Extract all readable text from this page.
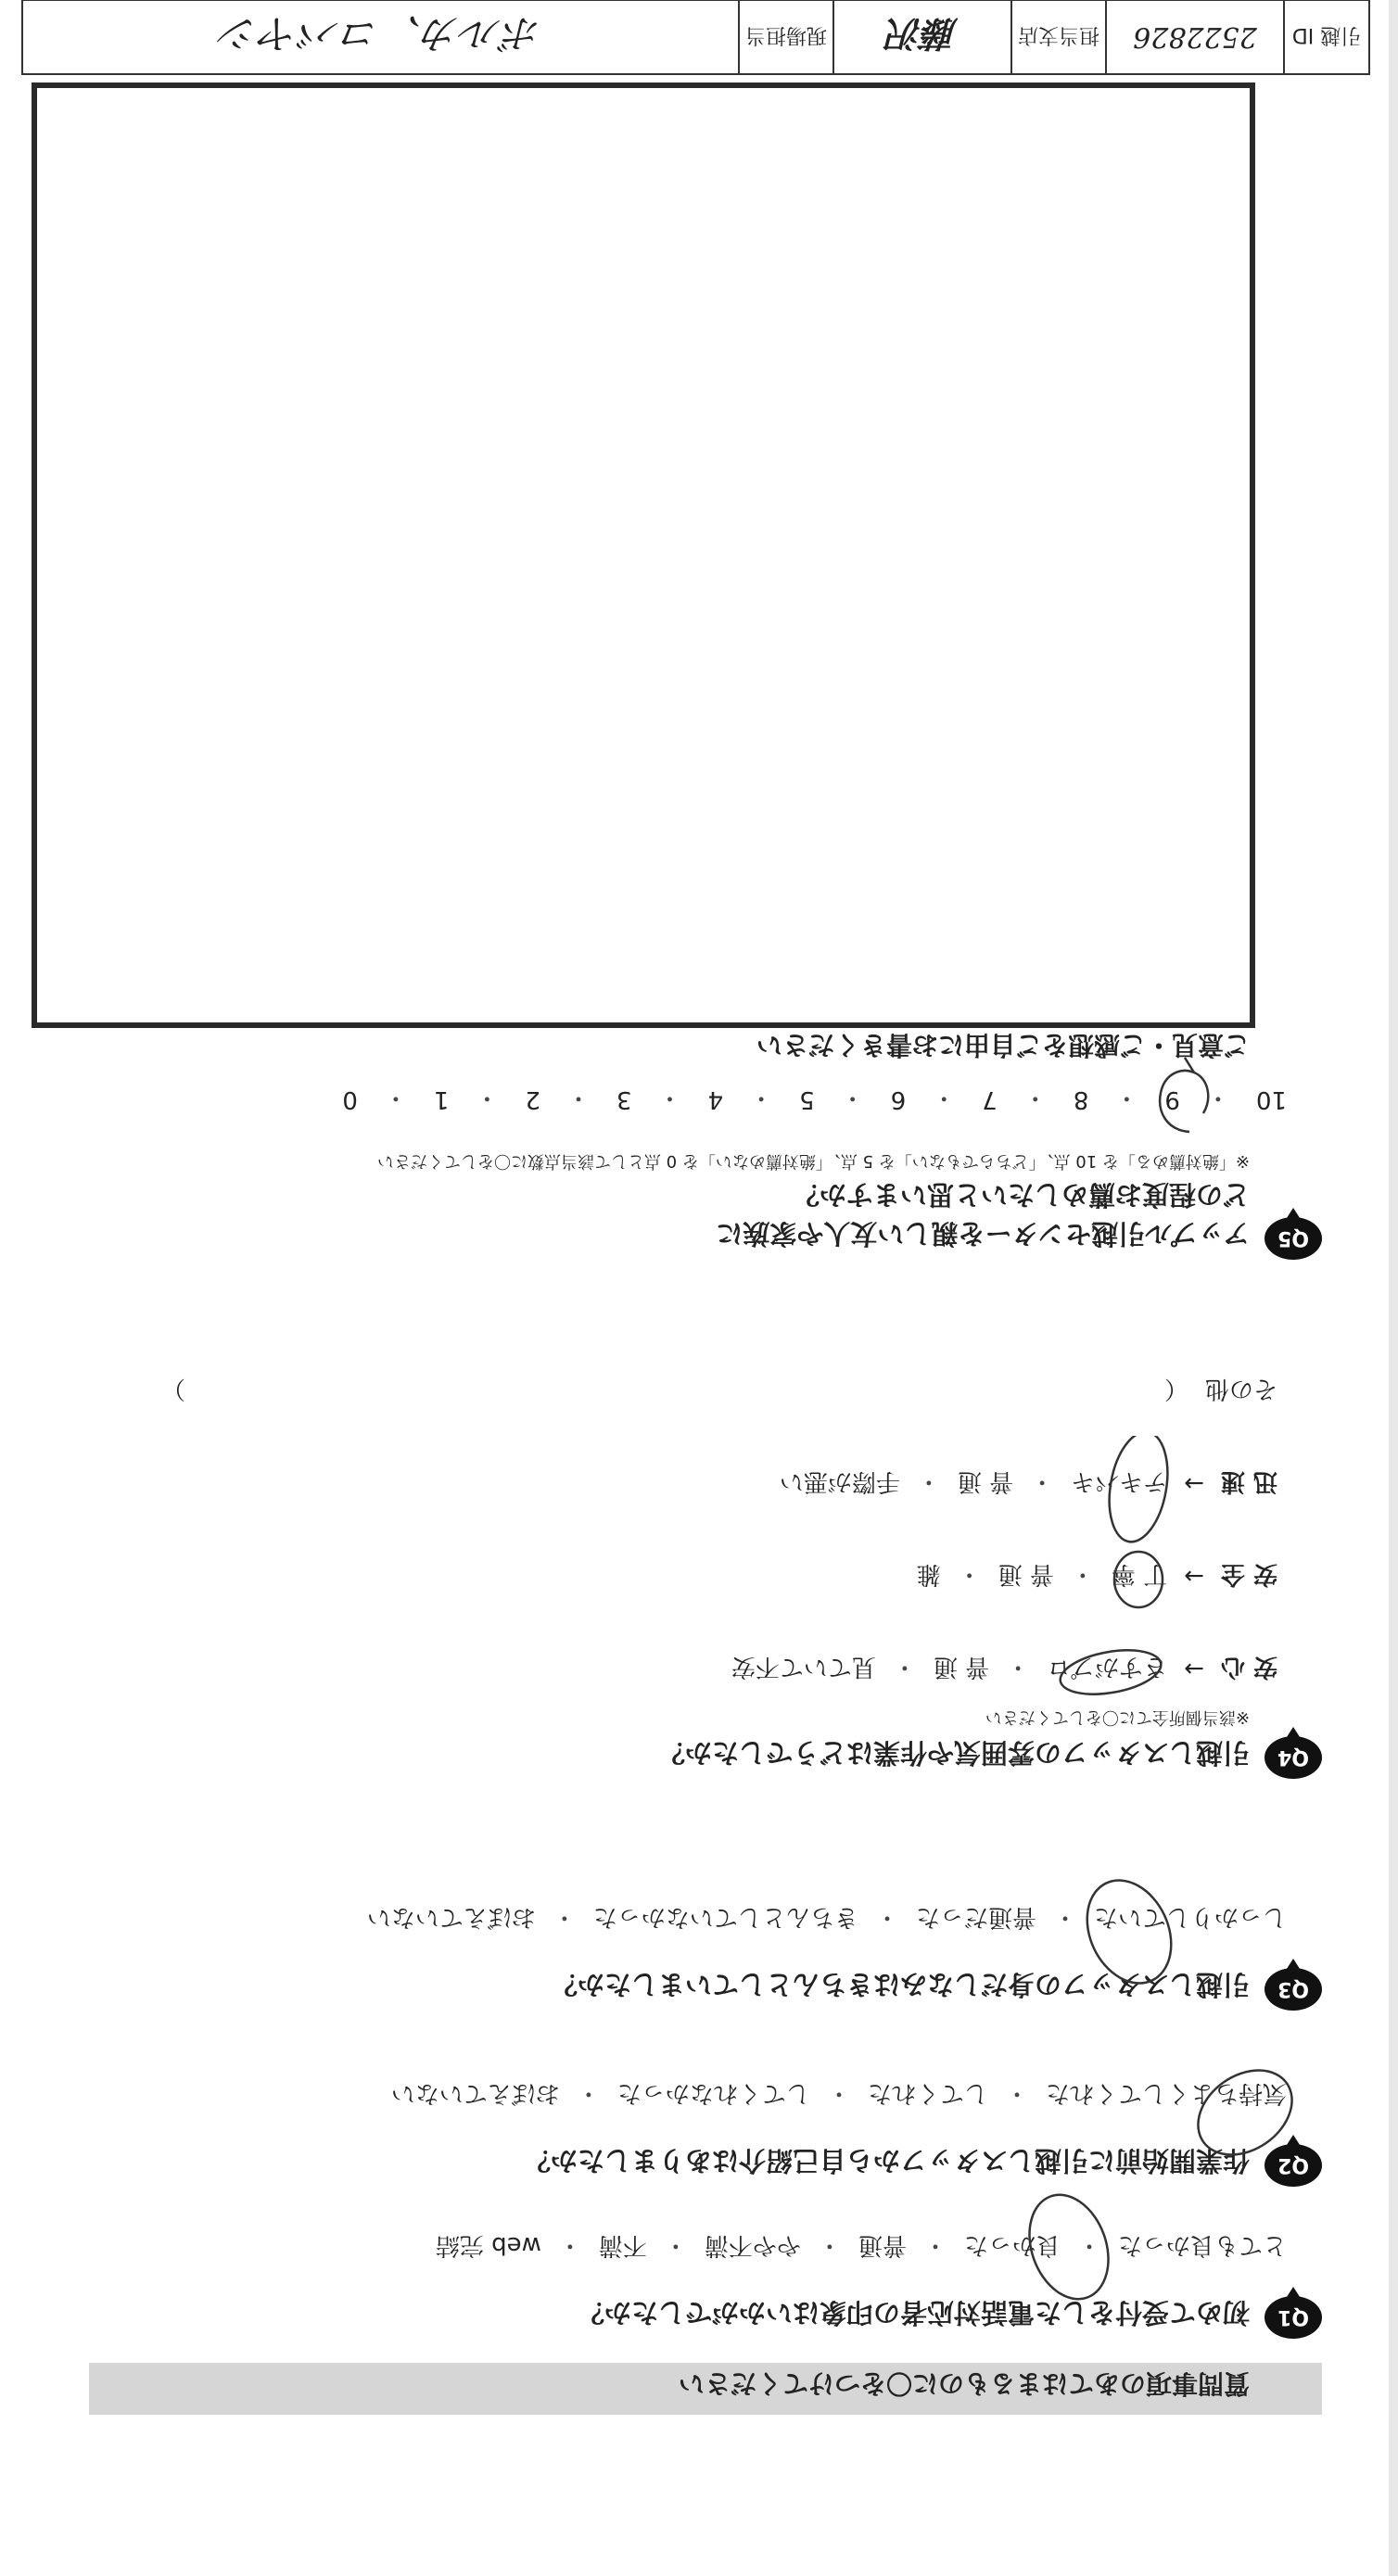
質問事項のあてはまるものに〇をつけてください
Q1
初めて受付をした電話対応者の印象はいかがでしたか？
とても良かった
・
良かった
・
普通
・
やや不満
・
不満
・
web 完結
Q2
作業開始前に引越しスタッフから自己紹介はありましたか？
気持ちよくしてくれた
・
してくれた
・
してくれなかった
・
おぼえていない
Q3
引越しスタッフの身だしなみはきちんとしていましたか？
しっかりしていた
・
普通だった
・
きちんとしていなかった
・
おぼえていない
Q4
引越しスタッフの雰囲気や作業はどうでしたか？
※該当個所全てに〇をしてください
安 心
→
さすがプロ
・
普 通
・
見ていて不安
安 全
→
丁 寧
・
普 通
・
雑
迅 速
→
テキパキ
・
普 通
・
手際が悪い
その他
（
）
Q5
アップル引越センターを親しい友人や家族に
どの程度お薦めしたいと思いますか？
※「絶対薦める」を 10 点、「どちらでもない」を 5 点、「絶対薦めない」を 0 点として該当点数に〇をしてください
10
・
9
・
8
・
7
・
6
・
5
・
4
・
3
・
2
・
1
・
0
ご意見・ご感想をご自由にお書きください
引越 ID
2522826
担当支店
藤沢
現場担当
ボルカ、コバヤシ
